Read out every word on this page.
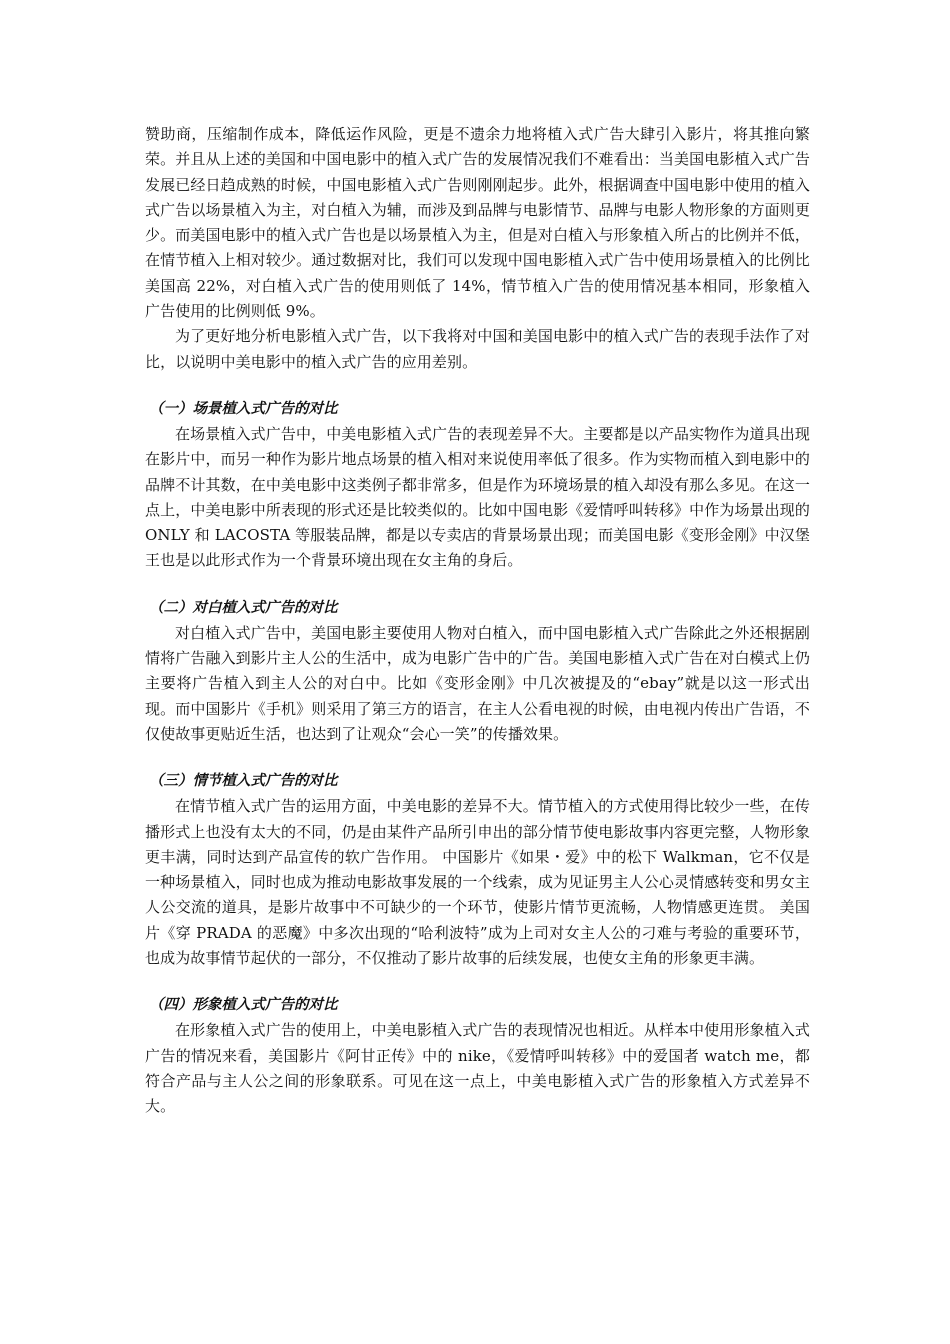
赞助商，压缩制作成本，降低运作风险，更是不遗余力地将植入式广告大肆引入影片，将其推向繁荣。并且从上述的美国和中国电影中的植入式广告的发展情况我们不难看出：当美国电影植入式广告发展已经日趋成熟的时候，中国电影植入式广告则刚刚起步。此外，根据调查中国电影中使用的植入式广告以场景植入为主，对白植入为辅，而涉及到品牌与电影情节、品牌与电影人物形象的方面则更少。而美国电影中的植入式广告也是以场景植入为主，但是对白植入与形象植入所占的比例并不低，在情节植入上相对较少。通过数据对比，我们可以发现中国电影植入式广告中使用场景植入的比例比美国高 22%，对白植入式广告的使用则低了 14%，情节植入广告的使用情况基本相同，形象植入广告使用的比例则低 9%。

为了更好地分析电影植入式广告，以下我将对中国和美国电影中的植入式广告的表现手法作了对比，以说明中美电影中的植入式广告的应用差别。

（一）场景植入式广告的对比

在场景植入式广告中，中美电影植入式广告的表现差异不大。主要都是以产品实物作为道具出现在影片中，而另一种作为影片地点场景的植入相对来说使用率低了很多。作为实物而植入到电影中的品牌不计其数，在中美电影中这类例子都非常多，但是作为环境场景的植入却没有那么多见。在这一点上，中美电影中所表现的形式还是比较类似的。比如中国电影《爱情呼叫转移》中作为场景出现的 ONLY 和 LACOSTA 等服装品牌，都是以专卖店的背景场景出现；而美国电影《变形金刚》中汉堡王也是以此形式作为一个背景环境出现在女主角的身后。

（二）对白植入式广告的对比

对白植入式广告中，美国电影主要使用人物对白植入，而中国电影植入式广告除此之外还根据剧情将广告融入到影片主人公的生活中，成为电影广告中的广告。美国电影植入式广告在对白模式上仍主要将广告植入到主人公的对白中。比如《变形金刚》中几次被提及的“ebay”就是以这一形式出现。而中国影片《手机》则采用了第三方的语言，在主人公看电视的时候，由电视内传出广告语，不仅使故事更贴近生活，也达到了让观众“会心一笑”的传播效果。

（三）情节植入式广告的对比

在情节植入式广告的运用方面，中美电影的差异不大。情节植入的方式使用得比较少一些，在传播形式上也没有太大的不同，仍是由某件产品所引申出的部分情节使电影故事内容更完整，人物形象更丰满，同时达到产品宣传的软广告作用。 中国影片《如果・爱》中的松下 Walkman，它不仅是一种场景植入，同时也成为推动电影故事发展的一个线索，成为见证男主人公心灵情感转变和男女主人公交流的道具，是影片故事中不可缺少的一个环节，使影片情节更流畅，人物情感更连贯。 美国片《穿 PRADA 的恶魔》中多次出现的“哈利波特”成为上司对女主人公的刁难与考验的重要环节，也成为故事情节起伏的一部分，不仅推动了影片故事的后续发展，也使女主角的形象更丰满。

（四）形象植入式广告的对比

在形象植入式广告的使用上，中美电影植入式广告的表现情况也相近。从样本中使用形象植入式广告的情况来看，美国影片《阿甘正传》中的 nike，《爱情呼叫转移》中的爱国者 watch me，都符合产品与主人公之间的形象联系。可见在这一点上，中美电影植入式广告的形象植入方式差异不大。
